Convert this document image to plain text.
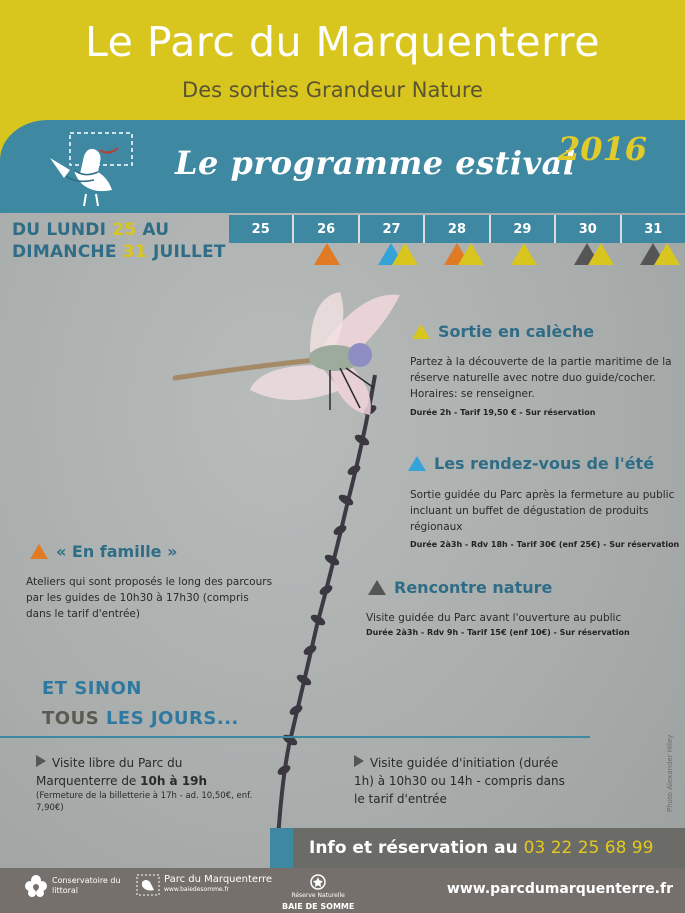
Le Parc du Marquenterre
Des sorties Grandeur Nature
Le programme estival
2016
DU LUNDI 25 AU
DIMANCHE 31 JUILLET
25	26	27	28	29	30	31
Sortie en calèche
Partez à la découverte de la partie maritime de la réserve naturelle avec notre duo guide/cocher. Horaires: se renseigner.
Durée 2h - Tarif 19,50 € - Sur réservation
Les rendez-vous de l'été
Sortie guidée du Parc après la fermeture au public incluant un buffet de dégustation de produits régionaux
Durée 2à3h - Rdv 18h - Tarif 30€ (enf 25€) - Sur réservation
« En famille »
Ateliers qui sont proposés le long des parcours par les guides de 10h30 à 17h30 (compris dans le tarif d'entrée)
Rencontre nature
Visite guidée du Parc avant l'ouverture au public
Durée 2à3h - Rdv 9h - Tarif 15€ (enf 10€) - Sur réservation
ET SINON
TOUS LES JOURS...
Visite libre du Parc du Marquenterre de 10h à 19h
(Fermeture de la billetterie à 17h - ad. 10,50€, enf. 7,90€)
Visite guidée d'initiation (durée 1h) à 10h30 ou 14h - compris dans le tarif d'entrée	Photo Alexander Hiley
Info et réservation au 03 22 25 68 99
Conservatoire du littoral
Parc du Marquenterre
www.baiedesomme.fr
Réserve Naturelle
BAIE DE SOMME
www.parcdumarquenterre.fr
